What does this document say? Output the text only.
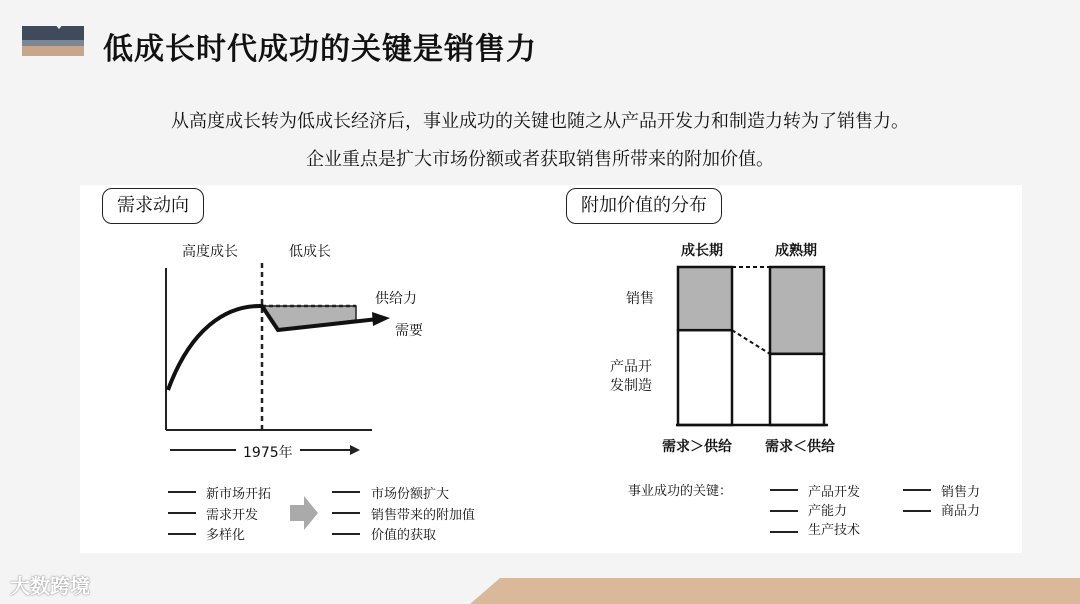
低成长时代成功的关键是销售力
从高度成长转为低成长经济后，事业成功的关键也随之从产品开发力和制造力转为了销售力。
企业重点是扩大市场份额或者获取销售所带来的附加价值。
需求动向
高度成长	低成长
供给力
需要
1975年
新市场开拓
需求开发
多样化
市场份额扩大
销售带来的附加值
价值的获取
附加价值的分布
成长期	成熟期
销售
产品开
发制造
需求＞供给 需求＜供给
事业成功的关键：	产品开发
产能力
生产技术
销售力
商品力
大数跨境
